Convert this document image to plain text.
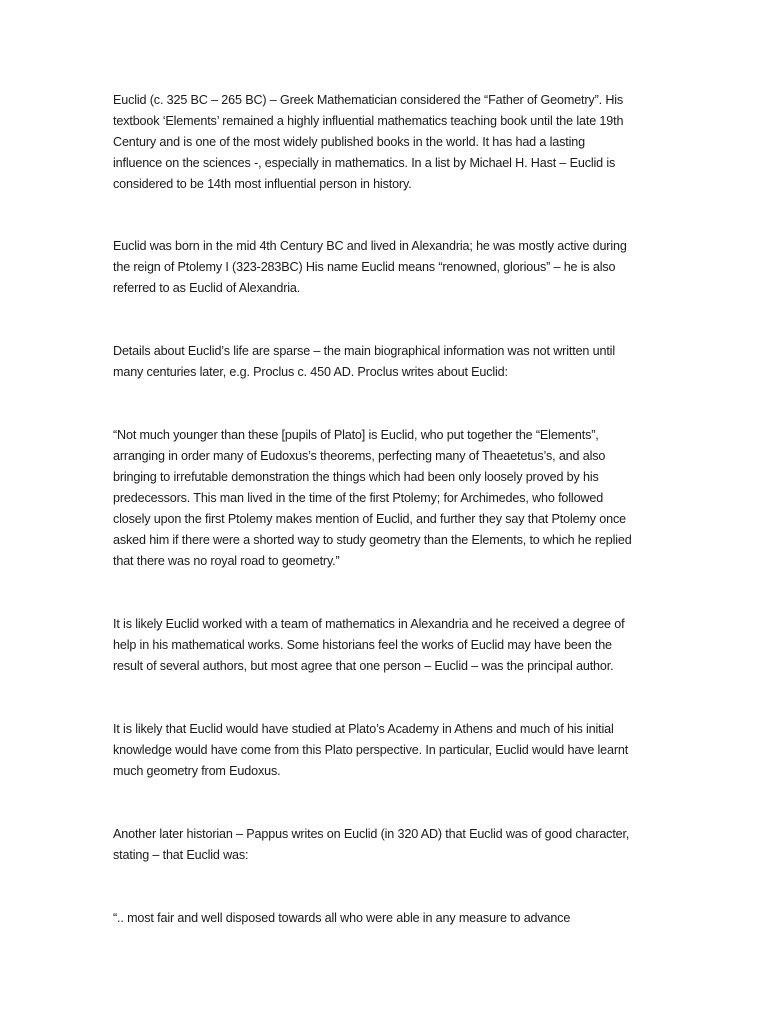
Euclid (c. 325 BC – 265 BC) – Greek Mathematician considered the “Father of Geometry”. His
textbook ‘Elements’ remained a highly influential mathematics teaching book until the late 19th
Century and is one of the most widely published books in the world. It has had a lasting
influence on the sciences -, especially in mathematics. In a list by Michael H. Hast – Euclid is
considered to be 14th most influential person in history.
Euclid was born in the mid 4th Century BC and lived in Alexandria; he was mostly active during
the reign of Ptolemy I (323-283BC) His name Euclid means “renowned, glorious” – he is also
referred to as Euclid of Alexandria.
Details about Euclid’s life are sparse – the main biographical information was not written until
many centuries later, e.g. Proclus c. 450 AD. Proclus writes about Euclid:
“Not much younger than these [pupils of Plato] is Euclid, who put together the “Elements”,
arranging in order many of Eudoxus’s theorems, perfecting many of Theaetetus’s, and also
bringing to irrefutable demonstration the things which had been only loosely proved by his
predecessors. This man lived in the time of the first Ptolemy; for Archimedes, who followed
closely upon the first Ptolemy makes mention of Euclid, and further they say that Ptolemy once
asked him if there were a shorted way to study geometry than the Elements, to which he replied
that there was no royal road to geometry.”
It is likely Euclid worked with a team of mathematics in Alexandria and he received a degree of
help in his mathematical works. Some historians feel the works of Euclid may have been the
result of several authors, but most agree that one person – Euclid – was the principal author.
It is likely that Euclid would have studied at Plato’s Academy in Athens and much of his initial
knowledge would have come from this Plato perspective. In particular, Euclid would have learnt
much geometry from Eudoxus.
Another later historian – Pappus writes on Euclid (in 320 AD) that Euclid was of good character,
stating – that Euclid was:
“.. most fair and well disposed towards all who were able in any measure to advance
